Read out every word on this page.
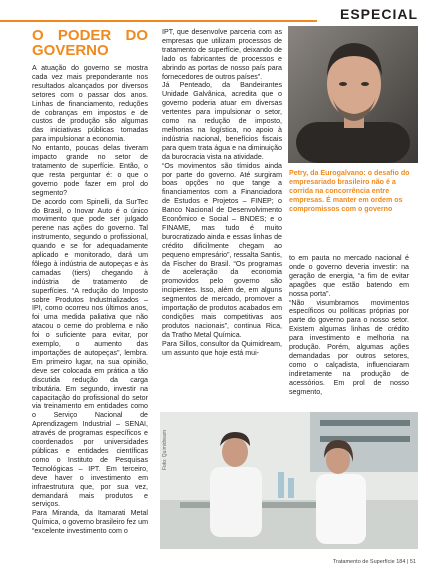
ESPECIAL
O PODER DO GOVERNO

A atuação do governo se mostra cada vez mais preponderante nos resultados alcançados por diversos setores com o passar dos anos. Linhas de financiamento, reduções de cobranças em impostos e de custos de produção são algumas das iniciativas públicas tomadas para impulsionar a economia.

No entanto, poucas delas tiveram impacto grande no setor de tratamento de superfície. Então, o que resta perguntar é: o que o governo pode fazer em prol do segmento?

De acordo com Spinelli, da SurTec do Brasil, o Inovar Auto é o único movimento que pode ser julgado perene nas ações do governo. Tal instrumento, segundo o profissional, quando e se for adequadamente aplicado e monitorado, dará um fôlego à indústria de autopeças e às camadas (tiers) chegando à indústria de tratamento de superfícies. “A redução do Imposto sobre Produtos Industrializados – IPI, como ocorreu nos últimos anos, foi uma medida paliativa que não atacou o cerne do problema e não foi o suficiente para evitar, por exemplo, o aumento das importações de autopeças”, lembra. Em primeiro lugar, na sua opinião, deve ser colocada em prática a tão discutida redução da carga tributária. Em segundo, investir na capacitação do profissional do setor via treinamento em entidades como o Serviço Nacional de Aprendizagem Industrial – SENAI, através de programas específicos e coordenados por universidades públicas e entidades científicas como o Instituto de Pesquisas Tecnológicas – IPT. Em terceiro, deve haver o investimento em infraestrutura que, por sua vez, demandará mais produtos e serviços.

Para Miranda, da Itamarati Metal Química, o governo brasileiro fez um “excelente investimento com o

IPT, que desenvolve parceria com as empresas que utilizam processos de tratamento de superfície, deixando de lado os fabricantes de processos e abrindo as portas de nosso país para fornecedores de outros países”.

Já Penteado, da Bandeirantes Unidade Galvânica, acredita que o governo poderia atuar em diversas vertentes para impulsionar o setor, como na redução de imposto, melhorias na logística, no apoio à indústria nacional, benefícios fiscais para quem trata água e na diminuição da burocracia vista na atividade.

“Os movimentos são tímidos ainda por parte do governo. Até surgiram boas opções no que tange a financiamentos com a Financiadora de Estudos e Projetos – FINEP; o Banco Nacional de Desenvolvimento Econômico e Social – BNDES; e o FINAME, mas tudo é muito burocratizado ainda e essas linhas de crédito dificilmente chegam ao pequeno empresário”, ressalta Santis, da Fischer do Brasil. “Os programas de aceleração da economia promovidos pelo governo são incipientes. Isso, além de, em alguns segmentos de mercado, promover a importação de produtos acabados em condições mais competitivas aos produtos nacionais”, continua Rica, da Tratho Metal Química.

Para Sillos, consultor da Quimidream, um assunto que hoje está mui-

Petry, da Eurogalvano: o desafio do empresariado brasileiro não é a corrida na concorrência entre empresas. É manter em ordem os compromissos com o governo

to em pauta no mercado nacional é onde o governo deveria investir: na geração de energia, “a fim de evitar apagões que estão batendo em nossa porta”.

“Não visumbramos movimentos específicos ou políticas próprias por parte do governo para o nosso setor. Existem algumas linhas de crédito para investimento e melhoria na produção. Porém, algumas ações demandadas por outros setores, como o calçadista, influenciaram indiretamente na produção de acessórios. Em prol de nosso segmento,

Foto: Quimidream
Tratamento de Superfície 184 | 51
